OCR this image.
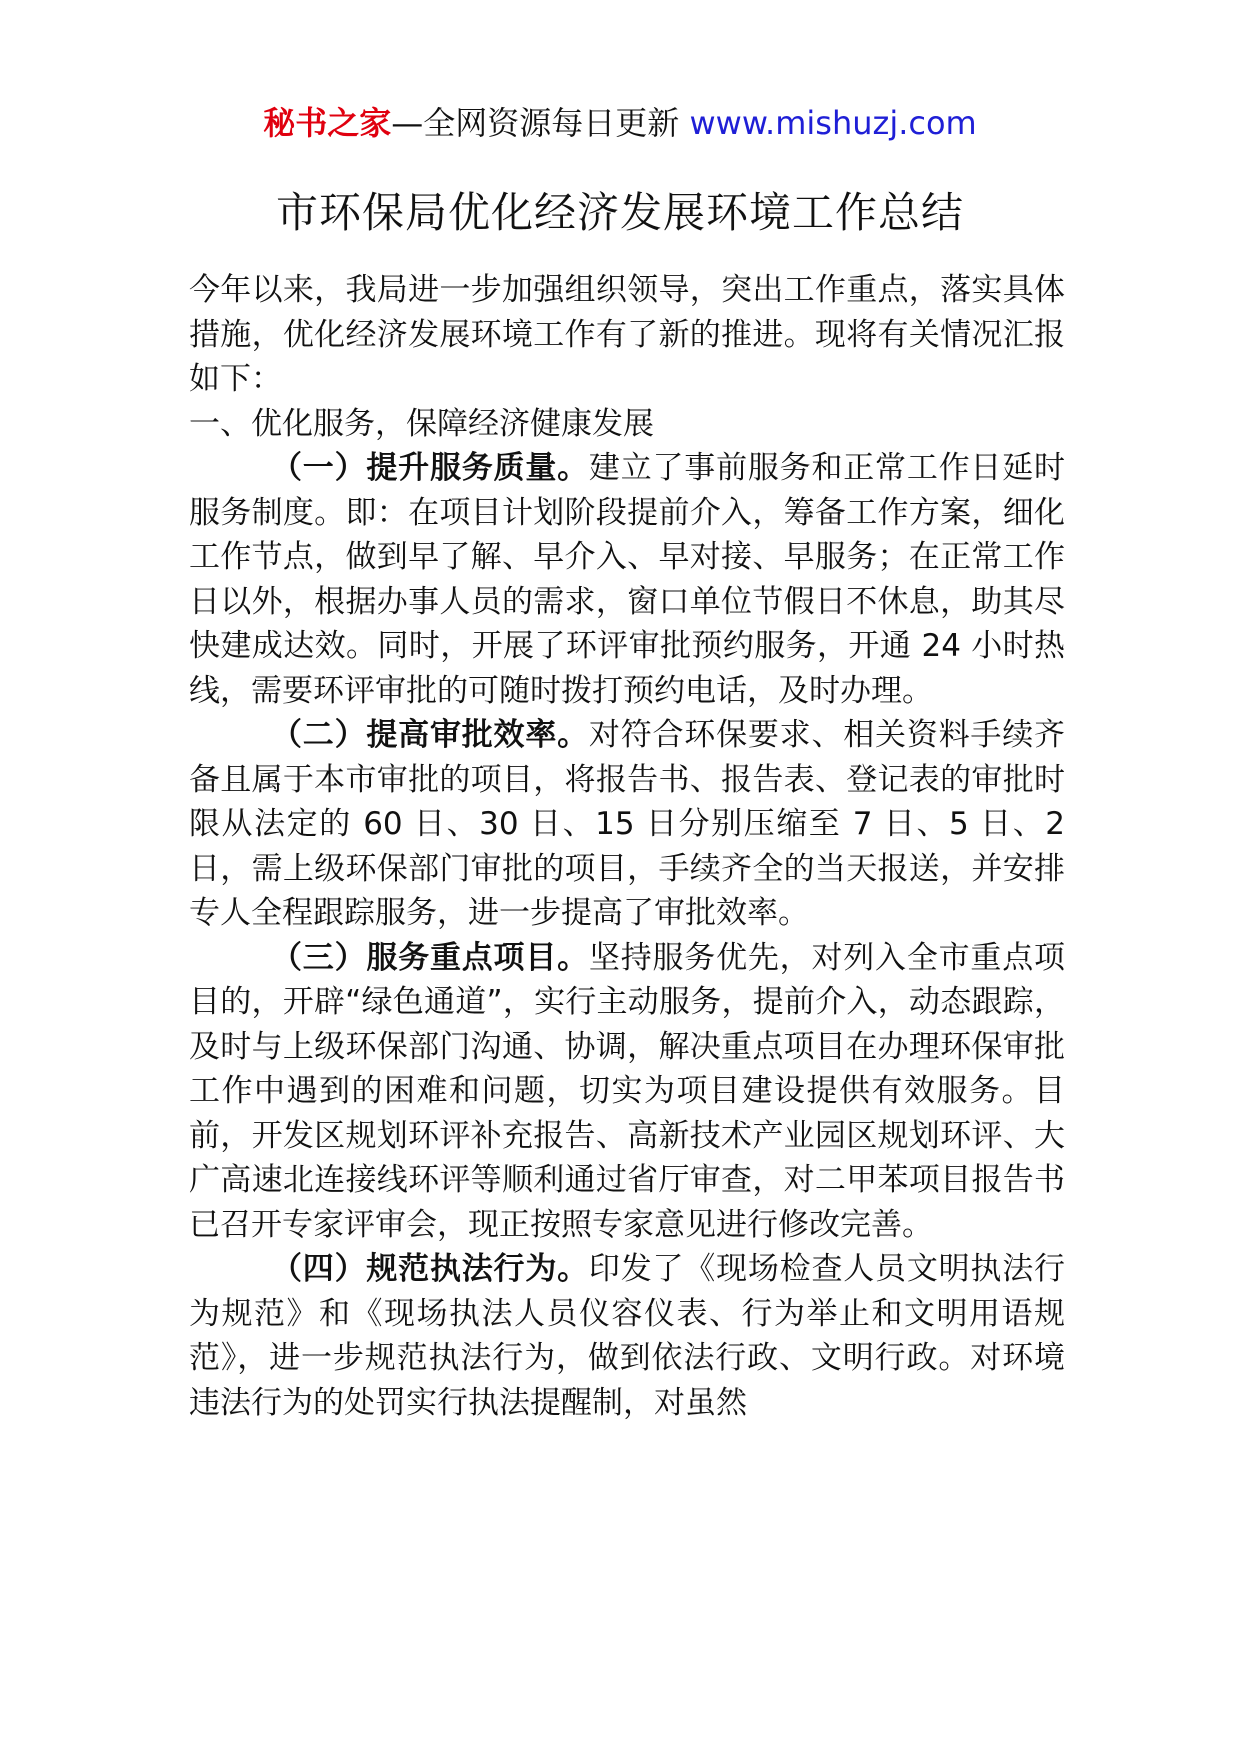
秘书之家—全网资源每日更新 www.mishuzj.com
市环保局优化经济发展环境工作总结

今年以来，我局进一步加强组织领导，突出工作重点，落实具体措施，优化经济发展环境工作有了新的推进。现将有关情况汇报如下：

一、优化服务，保障经济健康发展

（一）提升服务质量。建立了事前服务和正常工作日延时服务制度。即：在项目计划阶段提前介入，筹备工作方案，细化工作节点，做到早了解、早介入、早对接、早服务；在正常工作日以外，根据办事人员的需求，窗口单位节假日不休息，助其尽快建成达效。同时，开展了环评审批预约服务，开通 24 小时热线，需要环评审批的可随时拨打预约电话，及时办理。

（二）提高审批效率。对符合环保要求、相关资料手续齐备且属于本市审批的项目，将报告书、报告表、登记表的审批时限从法定的 60 日、30 日、15 日分别压缩至 7 日、5 日、2 日，需上级环保部门审批的项目，手续齐全的当天报送，并安排专人全程跟踪服务，进一步提高了审批效率。

（三）服务重点项目。坚持服务优先，对列入全市重点项目的，开辟“绿色通道”，实行主动服务，提前介入，动态跟踪，及时与上级环保部门沟通、协调，解决重点项目在办理环保审批工作中遇到的困难和问题，切实为项目建设提供有效服务。目前，开发区规划环评补充报告、高新技术产业园区规划环评、大广高速北连接线环评等顺利通过省厅审查，对二甲苯项目报告书已召开专家评审会，现正按照专家意见进行修改完善。

（四）规范执法行为。印发了《现场检查人员文明执法行为规范》和《现场执法人员仪容仪表、行为举止和文明用语规范》，进一步规范执法行为，做到依法行政、文明行政。对环境违法行为的处罚实行执法提醒制，对虽然
